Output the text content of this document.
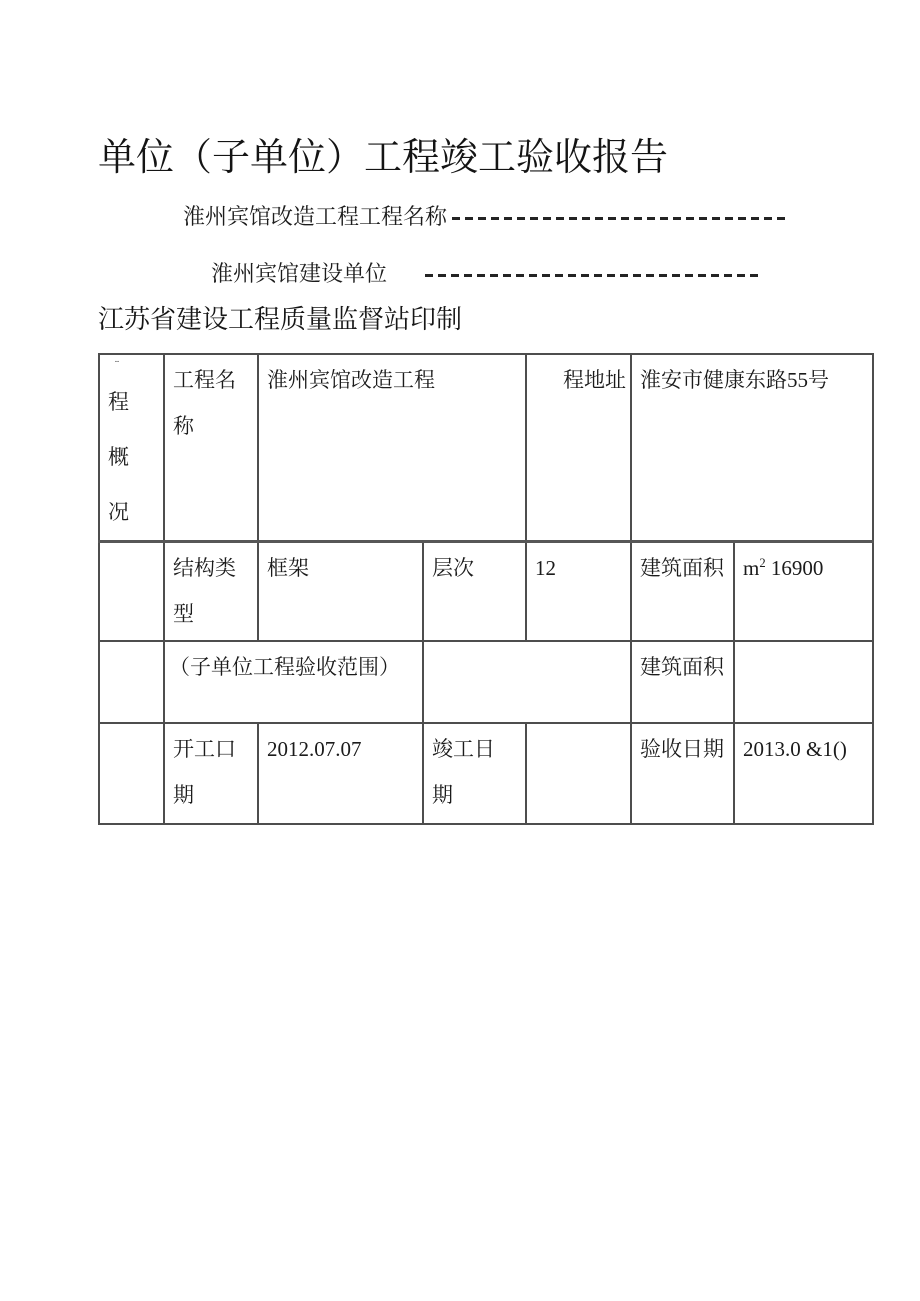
单位（子单位）工程竣工验收报告
淮州宾馆改造工程工程名称
淮州宾馆建设单位
江苏省建设工程质量监督站印制
¨
程概况	工程名称	淮州宾馆改造工程		程地址	淮安市健康东路55号	

	结构类型	框架	层次	12	建筑面积	$m^2$ 16900
	（子单位工程验收范围）				建筑面积	

	开工口期	2012.07.07	竣工日期		验收日期	2013.0 &1()
